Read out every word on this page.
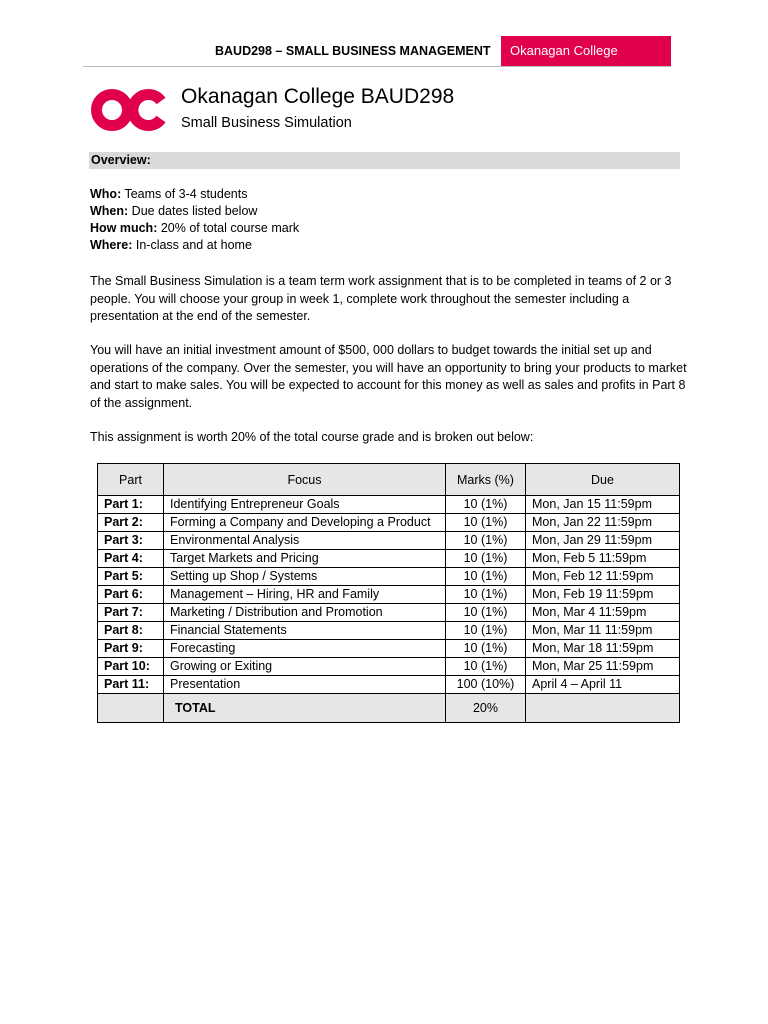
BAUD298 – SMALL BUSINESS MANAGEMENT	Okanagan College
Okanagan College BAUD298
Small Business Simulation
Overview:
Who: Teams of 3-4 students
When: Due dates listed below
How much: 20% of total course mark
Where: In-class and at home

The Small Business Simulation is a team term work assignment that is to be completed in teams of 2 or 3 people. You will choose your group in week 1, complete work throughout the semester including a presentation at the end of the semester.

You will have an initial investment amount of $500, 000 dollars to budget towards the initial set up and operations of the company. Over the semester, you will have an opportunity to bring your products to market and start to make sales. You will be expected to account for this money as well as sales and profits in Part 8 of the assignment.

This assignment is worth 20% of the total course grade and is broken out below:

Part	Focus	Marks (%)	Due
Part 1:	Identifying Entrepreneur Goals	10 (1%)	Mon, Jan 15 11:59pm
Part 2:	Forming a Company and Developing a Product	10 (1%)	Mon, Jan 22 11:59pm
Part 3:	Environmental Analysis	10 (1%)	Mon, Jan 29 11:59pm
Part 4:	Target Markets and Pricing	10 (1%)	Mon, Feb 5 11:59pm
Part 5:	Setting up Shop / Systems	10 (1%)	Mon, Feb 12 11:59pm
Part 6:	Management – Hiring, HR and Family	10 (1%)	Mon, Feb 19 11:59pm
Part 7:	Marketing / Distribution and Promotion	10 (1%)	Mon, Mar 4 11:59pm
Part 8:	Financial Statements	10 (1%)	Mon, Mar 11 11:59pm
Part 9:	Forecasting	10 (1%)	Mon, Mar 18 11:59pm
Part 10:	Growing or Exiting	10 (1%)	Mon, Mar 25 11:59pm
Part 11:	Presentation	100 (10%)	April 4 – April 11
	TOTAL	20%	
